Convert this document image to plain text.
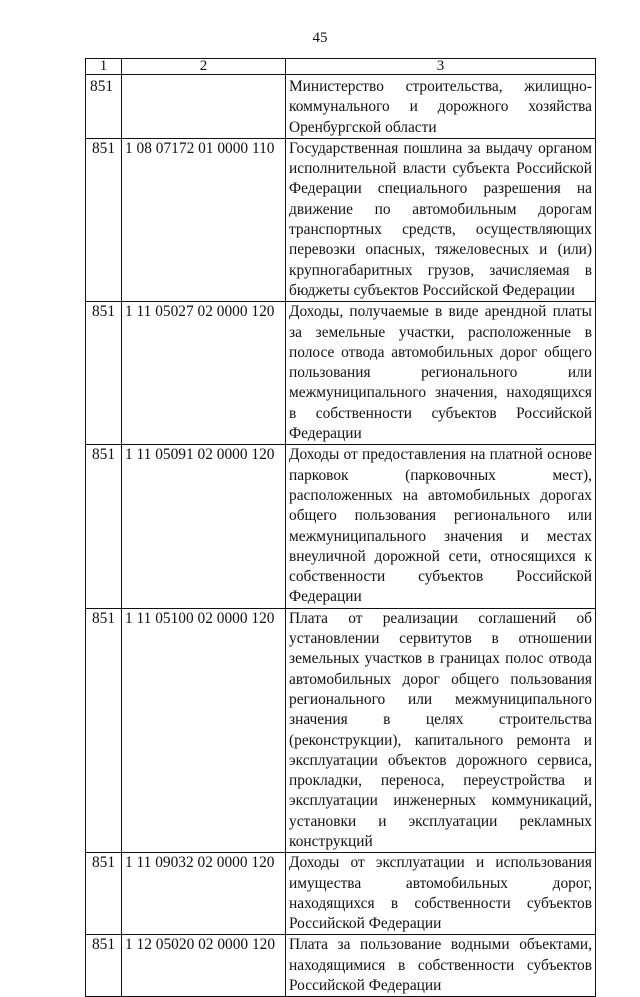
45
1	2	3
851		Министерство строительства, жилищно-коммунального и дорожного хозяйства Оренбургской области
851	1 08 07172 01 0000 110	Государственная пошлина за выдачу органом исполнительной власти субъекта Российской Федерации специального разрешения на движение по автомобильным дорогам транспортных средств, осуществляющих перевозки опасных, тяжеловесных и (или) крупногабаритных грузов, зачисляемая в бюджеты субъектов Российской Федерации
851	1 11 05027 02 0000 120	Доходы, получаемые в виде арендной платы за земельные участки, расположенные в полосе отвода автомобильных дорог общего пользования регионального или межмуниципального значения, находящихся в собственности субъектов Российской Федерации
851	1 11 05091 02 0000 120	Доходы от предоставления на платной основе парковок (парковочных мест), расположенных на автомобильных дорогах общего пользования регионального или межмуниципального значения и местах внеуличной дорожной сети, относящихся к собственности субъектов Российской Федерации
851	1 11 05100 02 0000 120	Плата от реализации соглашений об установлении сервитутов в отношении земельных участков в границах полос отвода автомобильных дорог общего пользования регионального или межмуниципального значения в целях строительства (реконструкции), капитального ремонта и эксплуатации объектов дорожного сервиса, прокладки, переноса, переустройства и эксплуатации инженерных коммуникаций, установки и эксплуатации рекламных конструкций
851	1 11 09032 02 0000 120	Доходы от эксплуатации и использования имущества автомобильных дорог, находящихся в собственности субъектов Российской Федерации
851	1 12 05020 02 0000 120	Плата за пользование водными объектами, находящимися в собственности субъектов Российской Федерации
